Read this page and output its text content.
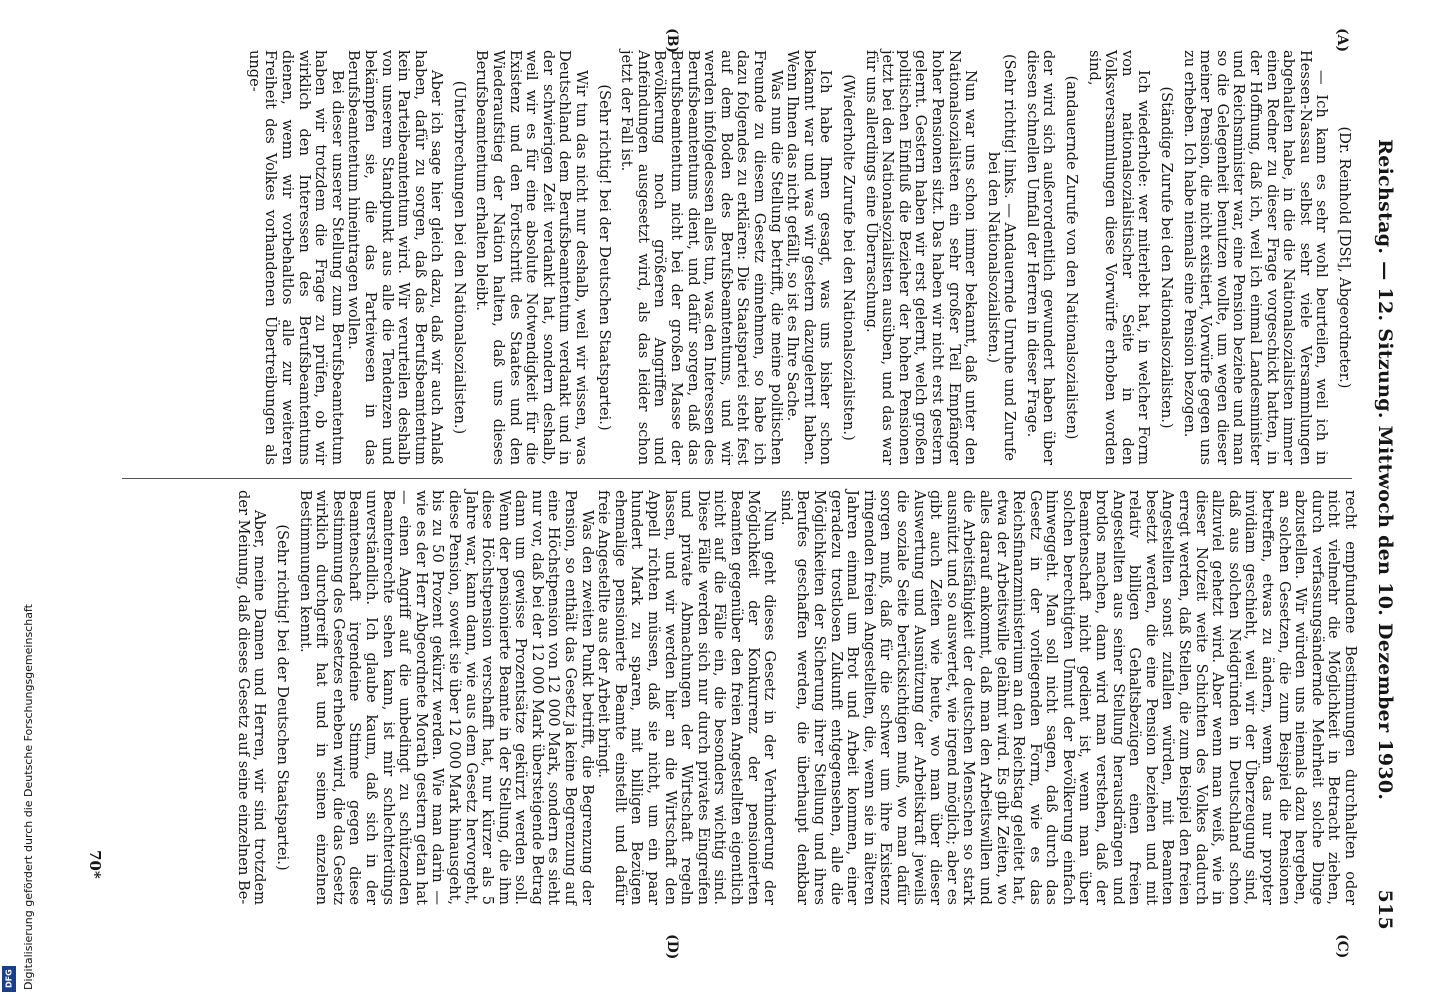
Reichstag. — 12. Sitzung. Mittwoch den 10. Dezember 1930.
515

(Dr. Reinhold [DSt], Abgeordneter.)

— Ich kann es sehr wohl beurteilen, weil ich in Hessen-Nassau selbst sehr viele Versammlungen abgehalten habe, in die die Nationalsozialisten immer einen Redner zu dieser Frage vorgeschickt hatten, in der Hoffnung, daß ich, weil ich einmal Landesminister und Reichsminister war, eine Pension beziehe und man so die Gelegenheit benutzen wollte, um wegen dieser meiner Pension, die nicht existiert, Vorwürfe gegen uns zu erheben. Ich habe niemals eine Pension bezogen.

(Ständige Zurufe bei den Nationalsozialisten.)

Ich wiederhole: wer miterlebt hat, in welcher Form von nationalsozialistischer Seite in den Volksversammlungen diese Vorwürfe erhoben worden sind,

(andauernde Zurufe von den Nationalsozialisten)

der wird sich außerordentlich gewundert haben über diesen schnellen Umfall der Herren in dieser Frage.

(Sehr richtig! links. — Andauernde Unruhe und Zurufe bei den Nationalsozialisten.)

Nun war uns schon immer bekannt, daß unter den Nationalsozialisten ein sehr großer Teil Empfänger hoher Pensionen sitzt. Das haben wir nicht erst gestern gelernt. Gestern haben wir erst gelernt, welch großen politischen Einfluß die Bezieher der hohen Pensionen jetzt bei den Nationalsozialisten ausüben, und das war für uns allerdings eine Überraschung.

(Wiederholte Zurufe bei den Nationalsozialisten.)

Ich habe Ihnen gesagt, was uns bisher schon bekannt war und was wir gestern dazugelernt haben. Wenn Ihnen das nicht gefällt, so ist es Ihre Sache.

Was nun die Stellung betrifft, die meine politischen Freunde zu diesem Gesetz einnehmen, so habe ich dazu folgendes zu erklären: Die Staatspartei steht fest auf dem Boden des Berufsbeamtentums, und wir werden infolgedessen alles tun, was den Interessen des Berufsbeamtentums dient, und dafür sorgen, daß das Berufsbeamtentum nicht bei der großen Masse der Bevölkerung noch größeren Angriffen und Anfeindungen ausgesetzt wird, als das leider schon jetzt der Fall ist.

(Sehr richtig! bei der Deutschen Staatspartei.)

Wir tun das nicht nur deshalb, weil wir wissen, was Deutschland dem Berufsbeamtentum verdankt und in der schwierigen Zeit verdankt hat, sondern deshalb, weil wir es für eine absolute Notwendigkeit für die Existenz und den Fortschritt des Staates und den Wiederaufstieg der Nation halten, daß uns dieses Berufsbeamtentum erhalten bleibt.

(Unterbrechungen bei den Nationalsozialisten.)

Aber ich sage hier gleich dazu, daß wir auch Anlaß haben, dafür zu sorgen, daß das Berufsbeamtentum kein Parteibeamtentum wird. Wir verurteilen deshalb von unserem Standpunkt aus alle die Tendenzen und bekämpfen sie, die das Parteiwesen in das Berufsbeamtentum hineintragen wollen.

Bei dieser unserer Stellung zum Berufsbeamtentum haben wir trotzdem die Frage zu prüfen, ob wir wirklich den Interessen des Berufsbeamtentums dienen, wenn wir vorbehaltlos alle zur weiteren Freiheit des Volkes vorhandenen Übertreibungen als unge-

recht empfundene Bestimmungen durchhalten oder nicht vielmehr die Möglichkeit in Betracht ziehen, durch verfassungsändernde Mehrheit solche Dinge abzustellen. Wir würden uns niemals dazu hergeben, an solchen Gesetzen, die zum Beispiel die Pensionen betreffen, etwas zu ändern, wenn das nur propter invidiam geschieht, weil wir der Überzeugung sind, daß aus solchen Neidgründen in Deutschland schon allzuviel gehetzt wird. Aber wenn man weiß, wie in dieser Notzeit weite Schichten des Volkes dadurch erregt werden, daß Stellen, die zum Beispiel den freien Angestellten sonst zufallen würden, mit Beamten besetzt werden, die eine Pension beziehen und mit relativ billigen Gehaltsbezügen einen freien Angestellten aus seiner Stellung herausdrängen und brotlos machen, dann wird man verstehen, daß der Beamtenschaft nicht gedient ist, wenn man über solchen berechtigten Unmut der Bevölkerung einfach hinweggeht. Man soll nicht sagen, daß durch das Gesetz in der vorliegenden Form, wie es das Reichsfinanzministerium an den Reichstag geleitet hat, etwa der Arbeitswille gelähmt wird. Es gibt Zeiten, wo alles darauf ankommt, daß man den Arbeitswillen und die Arbeitsfähigkeit der deutschen Menschen so stark ausnützt und so auswertet, wie irgend möglich; aber es gibt auch Zeiten wie heute, wo man über dieser Auswertung und Ausnützung der Arbeitskraft jeweils die soziale Seite berücksichtigen muß, wo man dafür sorgen muß, daß für die schwer um ihre Existenz ringenden freien Angestellten, die, wenn sie in älteren Jahren einmal um Brot und Arbeit kommen, einer geradezu trostlosen Zukunft entgegensehen, alle die Möglichkeiten der Sicherung ihrer Stellung und ihres Berufes geschaffen werden, die überhaupt denkbar sind.

Nun geht dieses Gesetz in der Verhinderung der Möglichkeit der Konkurrenz der pensionierten Beamten gegenüber den freien Angestellten eigentlich nicht auf die Fälle ein, die besonders wichtig sind. Diese Fälle werden sich nur durch privates Eingreifen und private Abmachungen der Wirtschaft regeln lassen, und wir werden hier an die Wirtschaft den Appell richten müssen, daß sie nicht, um ein paar hundert Mark zu sparen, mit billigen Bezügen ehemalige pensionierte Beamte einstellt und dafür freie Angestellte aus der Arbeit bringt.

Was den zweiten Punkt betrifft, die Begrenzung der Pension, so enthält das Gesetz ja keine Begrenzung auf eine Höchstpension von 12 000 Mark, sondern es sieht nur vor, daß bei der 12 000 Mark übersteigende Betrag dann um gewisse Prozentsätze gekürzt werden soll. Wenn der pensionierte Beamte in der Stellung, die ihm diese Höchstpension verschafft hat, nur kürzer als 5 Jahre war, kann dann, wie aus dem Gesetz hervorgeht, diese Pension, soweit sie über 12 000 Mark hinausgeht, bis zu 50 Prozent gekürzt werden. Wie man darin — wie es der Herr Abgeordnete Morath gestern getan hat — einen Angriff auf die unbedingt zu schützenden Beamtenrechte sehen kann, ist mir schlechterdings unverständlich. Ich glaube kaum, daß sich in der Beamtenschaft irgendeine Stimme gegen diese Bestimmung des Gesetzes erheben wird, die das Gesetz wirklich durchgreift hat und in seinen einzelnen Bestimmungen kennt.

(Sehr richtig! bei der Deutschen Staatspartei.)

Aber, meine Damen und Herren, wir sind trotzdem der Meinung, daß dieses Gesetz auf seine einzelnen Be-

(A)
(B)
(C)
(D)
70*
Digitalisierung gefördert durch die Deutsche Forschungsgemeinschaft
DFG
